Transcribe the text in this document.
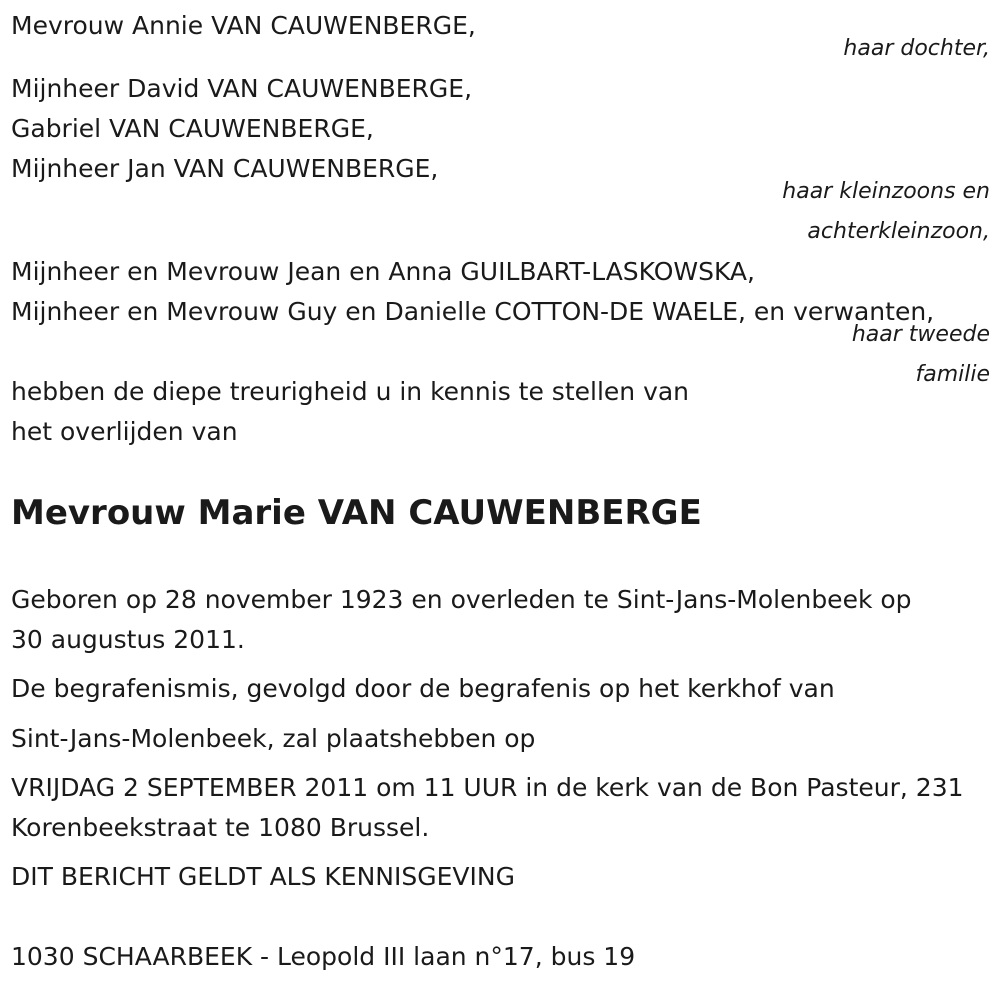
Mevrouw Annie VAN CAUWENBERGE,
haar dochter,
Mijnheer David VAN CAUWENBERGE,
Gabriel VAN CAUWENBERGE,
Mijnheer Jan VAN CAUWENBERGE,
haar kleinzoons en
achterkleinzoon,
Mijnheer en Mevrouw Jean en Anna GUILBART-LASKOWSKA,
Mijnheer en Mevrouw Guy en Danielle COTTON-DE WAELE, en verwanten,
haar tweede
familie
hebben de diepe treurigheid u in kennis te stellen van
het overlijden van
Mevrouw Marie VAN CAUWENBERGE
Geboren op 28 november 1923 en overleden te Sint-Jans-Molenbeek op
30 augustus 2011.
De begrafenismis, gevolgd door de begrafenis op het kerkhof van
Sint-Jans-Molenbeek, zal plaatshebben op
VRIJDAG 2 SEPTEMBER 2011 om 11 UUR in de kerk van de Bon Pasteur, 231
Korenbeekstraat te 1080 Brussel.
DIT BERICHT GELDT ALS KENNISGEVING
1030 SCHAARBEEK - Leopold III laan n°17, bus 19
